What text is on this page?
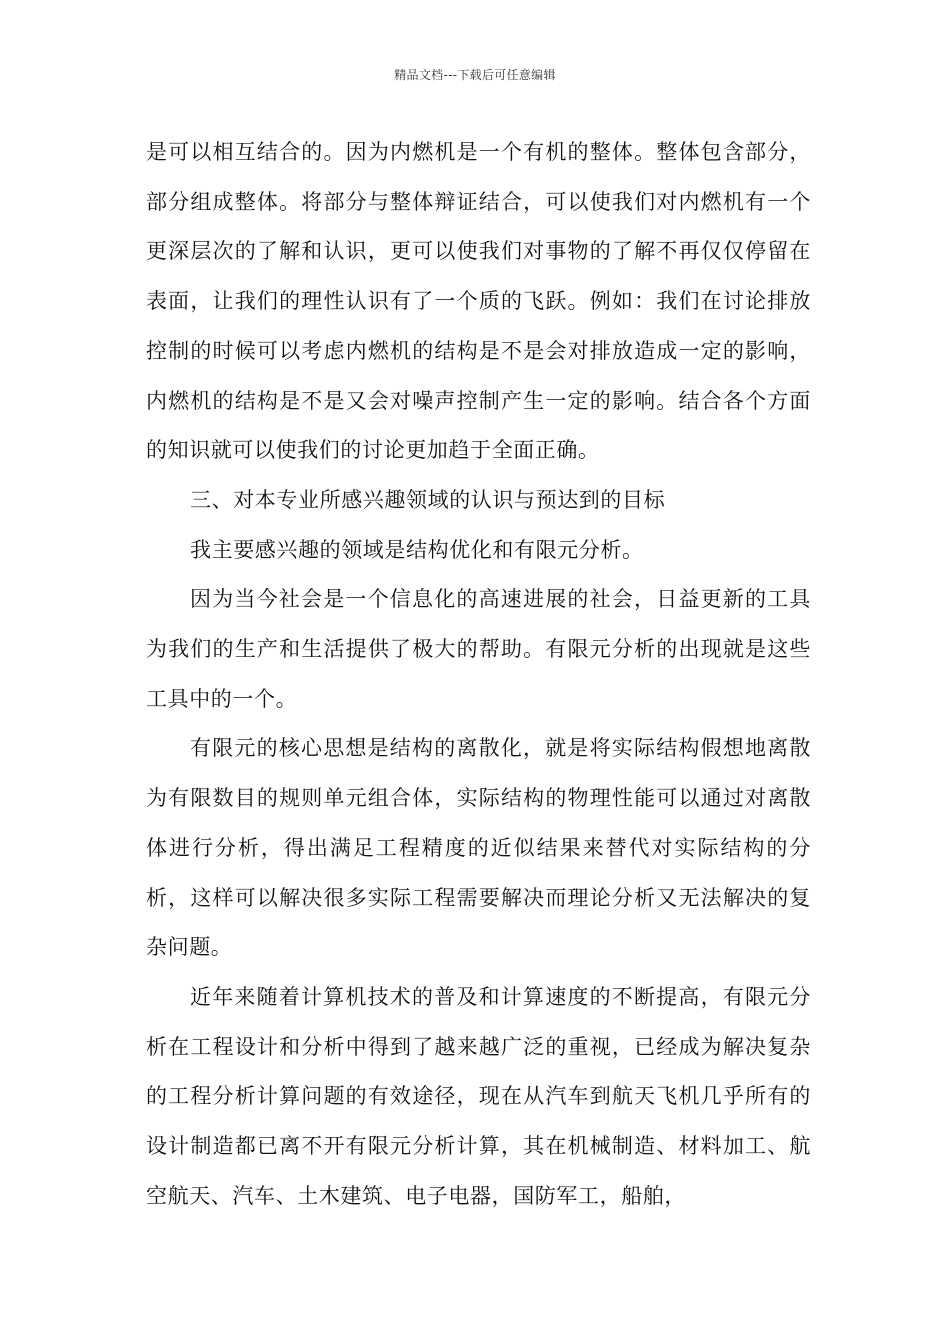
精品文档---下载后可任意编辑

是可以相互结合的。因为内燃机是一个有机的整体。整体包含部分，部分组成整体。将部分与整体辩证结合，可以使我们对内燃机有一个更深层次的了解和认识，更可以使我们对事物的了解不再仅仅停留在表面，让我们的理性认识有了一个质的飞跃。例如：我们在讨论排放控制的时候可以考虑内燃机的结构是不是会对排放造成一定的影响，内燃机的结构是不是又会对噪声控制产生一定的影响。结合各个方面的知识就可以使我们的讨论更加趋于全面正确。

三、对本专业所感兴趣领域的认识与预达到的目标

我主要感兴趣的领域是结构优化和有限元分析。

因为当今社会是一个信息化的高速进展的社会，日益更新的工具为我们的生产和生活提供了极大的帮助。有限元分析的出现就是这些工具中的一个。

有限元的核心思想是结构的离散化，就是将实际结构假想地离散为有限数目的规则单元组合体，实际结构的物理性能可以通过对离散体进行分析，得出满足工程精度的近似结果来替代对实际结构的分析，这样可以解决很多实际工程需要解决而理论分析又无法解决的复杂问题。

近年来随着计算机技术的普及和计算速度的不断提高，有限元分析在工程设计和分析中得到了越来越广泛的重视，已经成为解决复杂的工程分析计算问题的有效途径，现在从汽车到航天飞机几乎所有的设计制造都已离不开有限元分析计算，其在机械制造、材料加工、航空航天、汽车、土木建筑、电子电器，国防军工，船舶，
